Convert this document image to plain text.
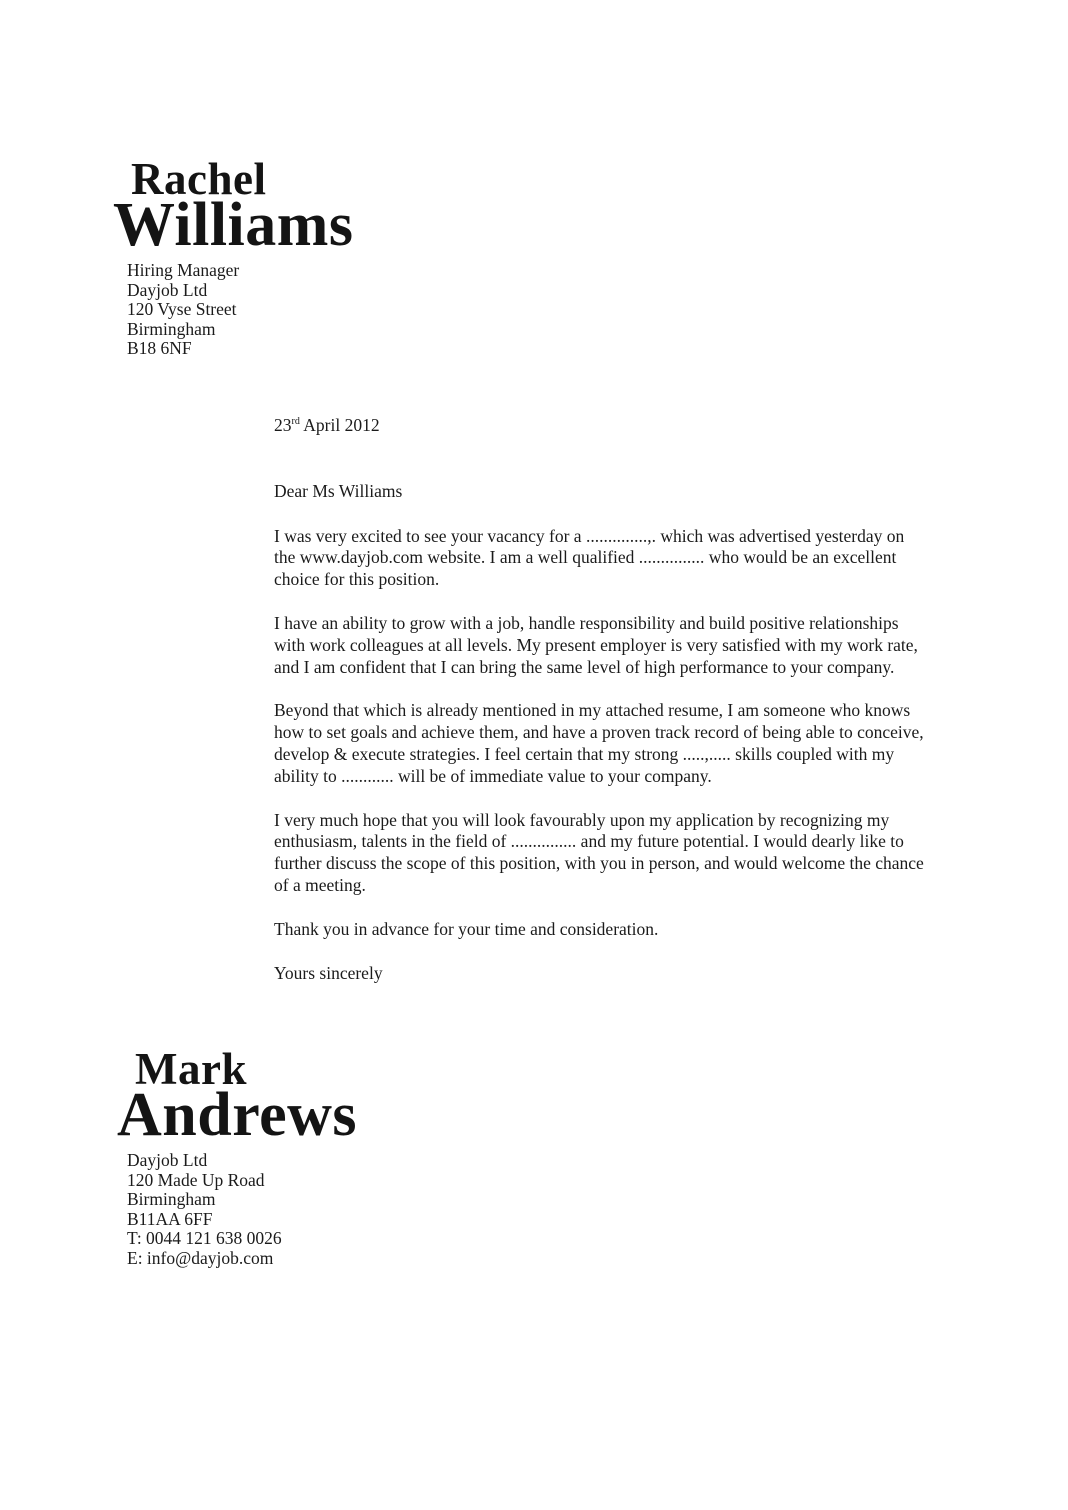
Rachel
Williams
Hiring Manager
Dayjob Ltd
120 Vyse Street
Birmingham
B18 6NF
23rd April 2012
Dear Ms Williams
I was very excited to see your vacancy for a ..............,. which was advertised yesterday on the www.dayjob.com website. I am a well qualified ............... who would be an excellent choice for this position.
I have an ability to grow with a job, handle responsibility and build positive relationships with work colleagues at all levels. My present employer is very satisfied with my work rate, and I am confident that I can bring the same level of high performance to your company.
Beyond that which is already mentioned in my attached resume, I am someone who knows how to set goals and achieve them, and have a proven track record of being able to conceive, develop & execute strategies. I feel certain that my strong .....,..... skills coupled with my ability to ............ will be of immediate value to your company.
I very much hope that you will look favourably upon my application by recognizing my enthusiasm, talents in the field of ............... and my future potential. I would dearly like to further discuss the scope of this position, with you in person, and would welcome the chance of a meeting.
Thank you in advance for your time and consideration.
Yours sincerely
Mark
Andrews
Dayjob Ltd
120 Made Up Road
Birmingham
B11AA 6FF
T: 0044 121 638 0026
E: info@dayjob.com
